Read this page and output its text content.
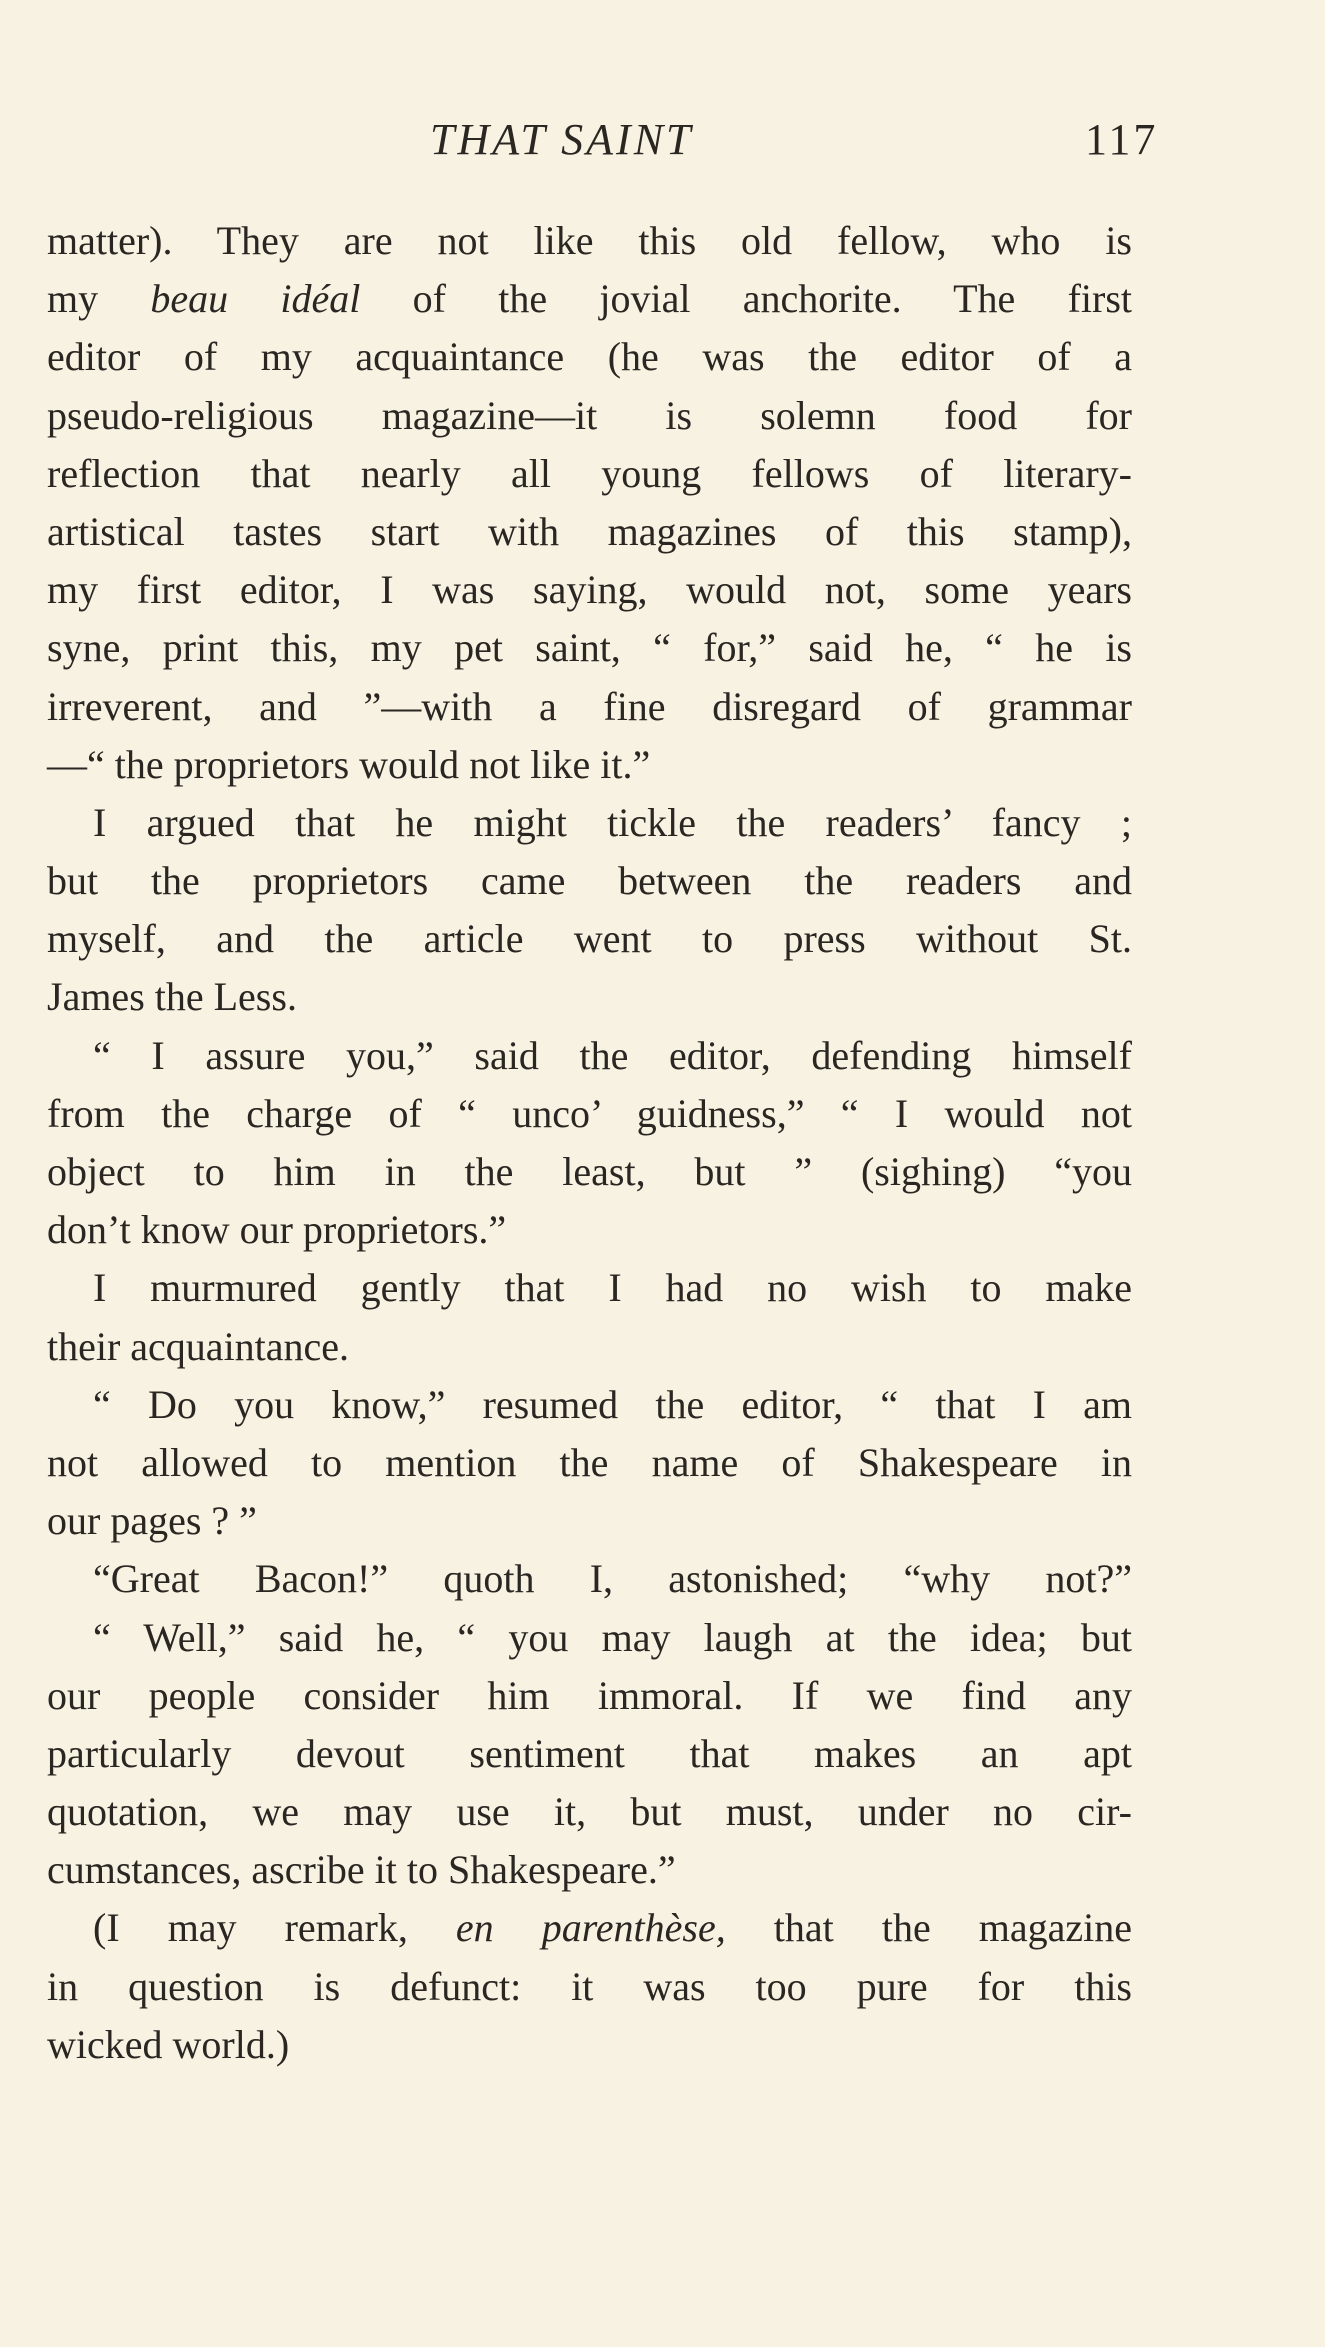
THAT SAINT	117
matter). They are not like this old fellow, who is
my beau idéal of the jovial anchorite. The first
editor of my acquaintance (he was the editor of a
pseudo-religious magazine—it is solemn food for
reflection that nearly all young fellows of literary-
artistical tastes start with magazines of this stamp),
my first editor, I was saying, would not, some years
syne, print this, my pet saint, “ for,” said he, “ he is
irreverent, and ”—with a fine disregard of grammar
—“ the proprietors would not like it.”
I argued that he might tickle the readers’ fancy ;
but the proprietors came between the readers and
myself, and the article went to press without St.
James the Less.
“ I assure you,” said the editor, defending himself
from the charge of “ unco’ guidness,” “ I would not
object to him in the least, but ” (sighing) “you
don’t know our proprietors.”
I murmured gently that I had no wish to make
their acquaintance.
“ Do you know,” resumed the editor, “ that I am
not allowed to mention the name of Shakespeare in
our pages ? ”
“Great Bacon!” quoth I, astonished; “why not?”
“ Well,” said he, “ you may laugh at the idea; but
our people consider him immoral. If we find any
particularly devout sentiment that makes an apt
quotation, we may use it, but must, under no cir-
cumstances, ascribe it to Shakespeare.”
(I may remark, en parenthèse, that the magazine
in question is defunct: it was too pure for this
wicked world.)
